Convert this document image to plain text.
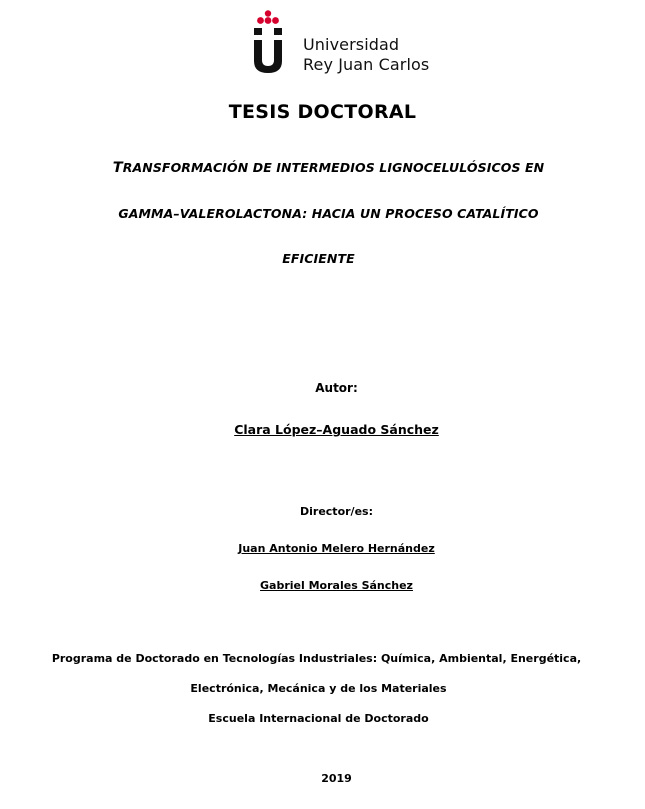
Universidad
Rey Juan Carlos
TESIS DOCTORAL
TRANSFORMACIÓN DE INTERMEDIOS LIGNOCELULÓSICOS EN
GAMMA–VALEROLACTONA: HACIA UN PROCESO CATALÍTICO
EFICIENTE
Autor:
Clara López–Aguado Sánchez
Director/es:
Juan Antonio Melero Hernández
Gabriel Morales Sánchez
Programa de Doctorado en Tecnologías Industriales: Química, Ambiental, Energética,
Electrónica, Mecánica y de los Materiales
Escuela Internacional de Doctorado
2019
